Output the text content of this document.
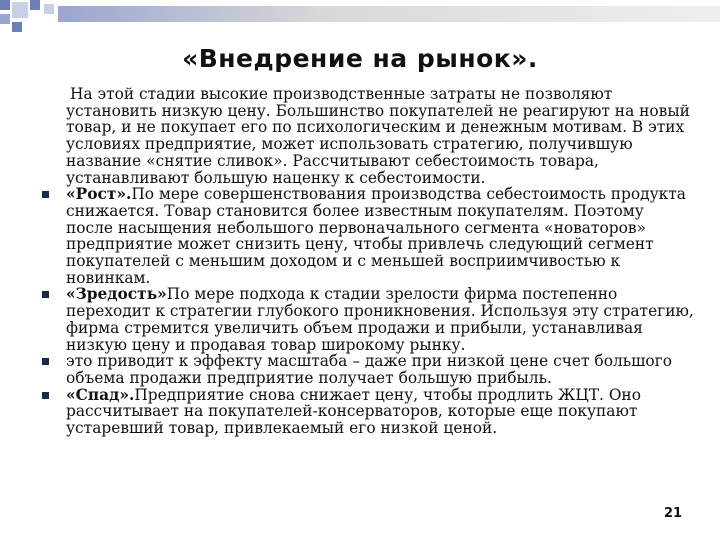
«Внедрение на рынок».

На этой стадии высокие производственные затраты не позволяют установить низкую цену. Большинство покупателей не реагируют на новый товар, и не покупает его по психологическим и денежным мотивам. В этих условиях предприятие, может использовать стратегию, получившую название «снятие сливок». Рассчитывают себестоимость товара, устанавливают большую наценку к себестоимости.

«Рост».По мере совершенствования производства себестоимость продукта снижается. Товар становится более известным покупателям. Поэтому после насыщения небольшого первоначального сегмента «новаторов» предприятие может снизить цену, чтобы привлечь следующий сегмент покупателей с меньшим доходом и с меньшей восприимчивостью к новинкам.
«Зредость»По мере подхода к стадии зрелости фирма постепенно переходит к стратегии глубокого проникновения. Используя эту стратегию, фирма стремится увеличить объем продажи и прибыли, устанавливая низкую цену и продавая товар широкому рынку.
это приводит к эффекту масштаба – даже при низкой цене счет большого объема продажи предприятие получает большую прибыль.
«Спад».Предприятие снова снижает цену, чтобы продлить ЖЦТ. Оно рассчитывает на покупателей-консерваторов, которые еще покупают устаревший товар, привлекаемый его низкой ценой.
21
